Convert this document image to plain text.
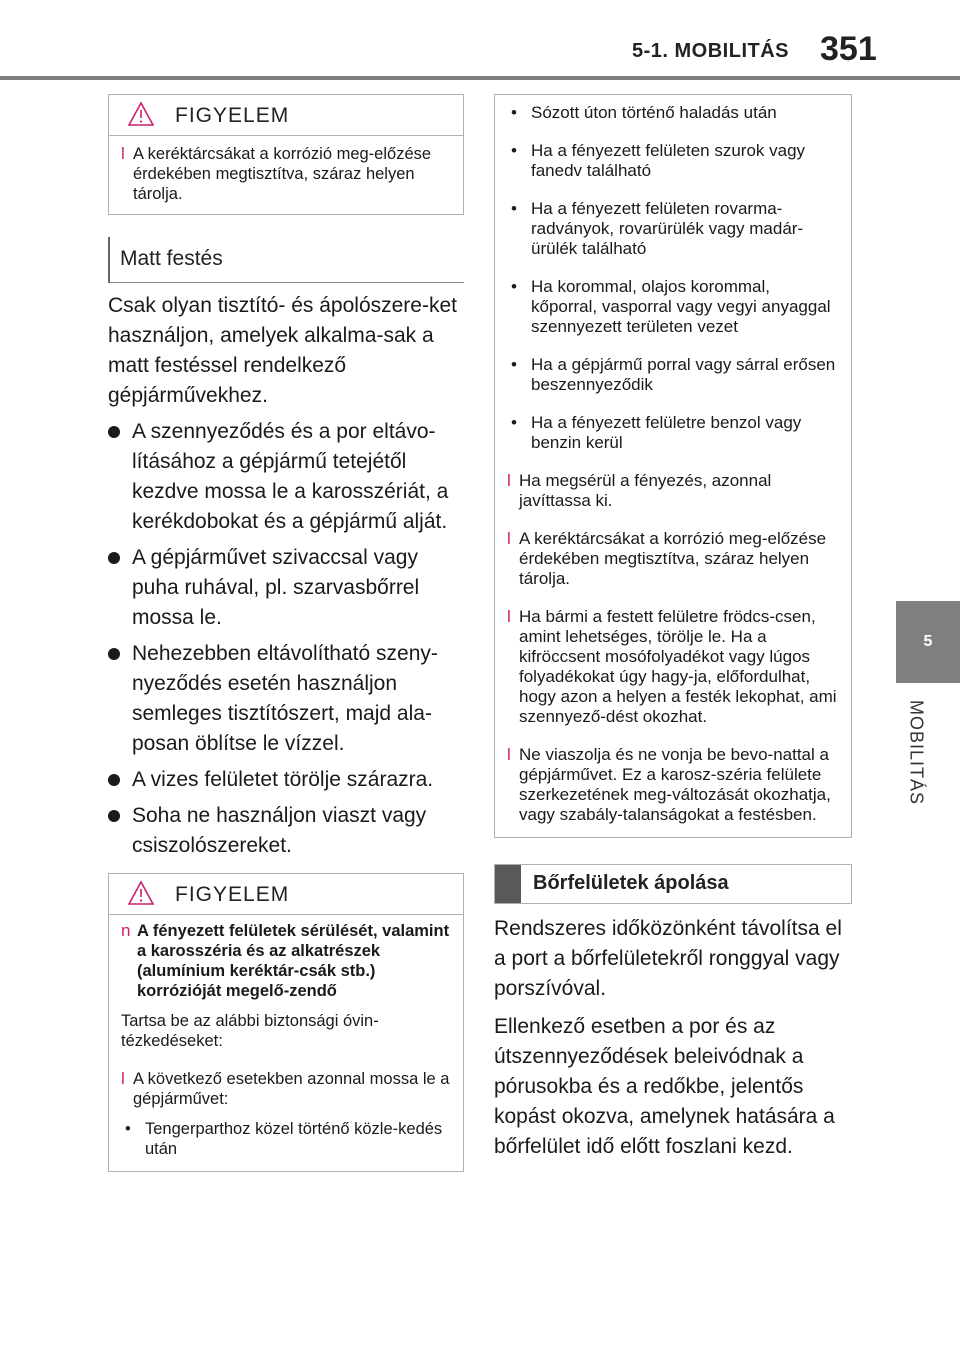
5-1. MOBILITÁS 351
5
MOBILITÁS
FIGYELEM
l A keréktárcsákat a korrózió meg-előzése érdekében megtisztítva, száraz helyen tárolja.
Matt festés

Csak olyan tisztító- és ápolószere-ket használjon, amelyek alkalma-sak a matt festéssel rendelkező gépjárművekhez.

A szennyeződés és a por eltávo-lításához a gépjármű tetejétől kezdve mossa le a karosszériát, a kerékdobokat és a gépjármű alját.
A gépjárművet szivaccsal vagy puha ruhával, pl. szarvasbőrrel mossa le.
Nehezebben eltávolítható szeny-nyeződés esetén használjon semleges tisztítószert, majd ala-posan öblítse le vízzel.
A vizes felületet törölje szárazra.
Soha ne használjon viaszt vagy csiszolószereket.
FIGYELEM
n A fényezett felületek sérülését, valamint a karosszéria és az alkatrészek (alumínium keréktár-csák stb.) korrózióját megelő-zendő
Tartsa be az alábbi biztonsági óvin-tézkedéseket:
l A következő esetekben azonnal mossa le a gépjárművet:
• Tengerparthoz közel történő közle-kedés után
• Sózott úton történő haladás után
• Ha a fényezett felületen szurok vagy fanedv található
• Ha a fényezett felületen rovarma-radványok, rovarürülék vagy madár-ürülék található
• Ha korommal, olajos korommal, kőporral, vasporral vagy vegyi anyaggal szennyezett területen vezet
• Ha a gépjármű porral vagy sárral erősen beszennyeződik
• Ha a fényezett felületre benzol vagy benzin kerül
l Ha megsérül a fényezés, azonnal javíttassa ki.
l A keréktárcsákat a korrózió meg-előzése érdekében megtisztítva, száraz helyen tárolja.
l Ha bármi a festett felületre frödcs-csen, amint lehetséges, törölje le. Ha a kifröccsent mosófolyadékot vagy lúgos folyadékokat úgy hagy-ja, előfordulhat, hogy azon a helyen a festék lekophat, ami szennyező-dést okozhat.
l Ne viaszolja és ne vonja be bevo-nattal a gépjárművet. Ez a karosz-széria felülete szerkezetének meg-változását okozhatja, vagy szabály-talanságokat a festésben.
Bőrfelületek ápolása

Rendszeres időközönként távolítsa el a port a bőrfelületekről ronggyal vagy porszívóval.

Ellenkező esetben a por és az útszennyeződések beleivódnak a pórusokba és a redőkbe, jelentős kopást okozva, amelynek hatására a bőrfelület idő előtt foszlani kezd.
